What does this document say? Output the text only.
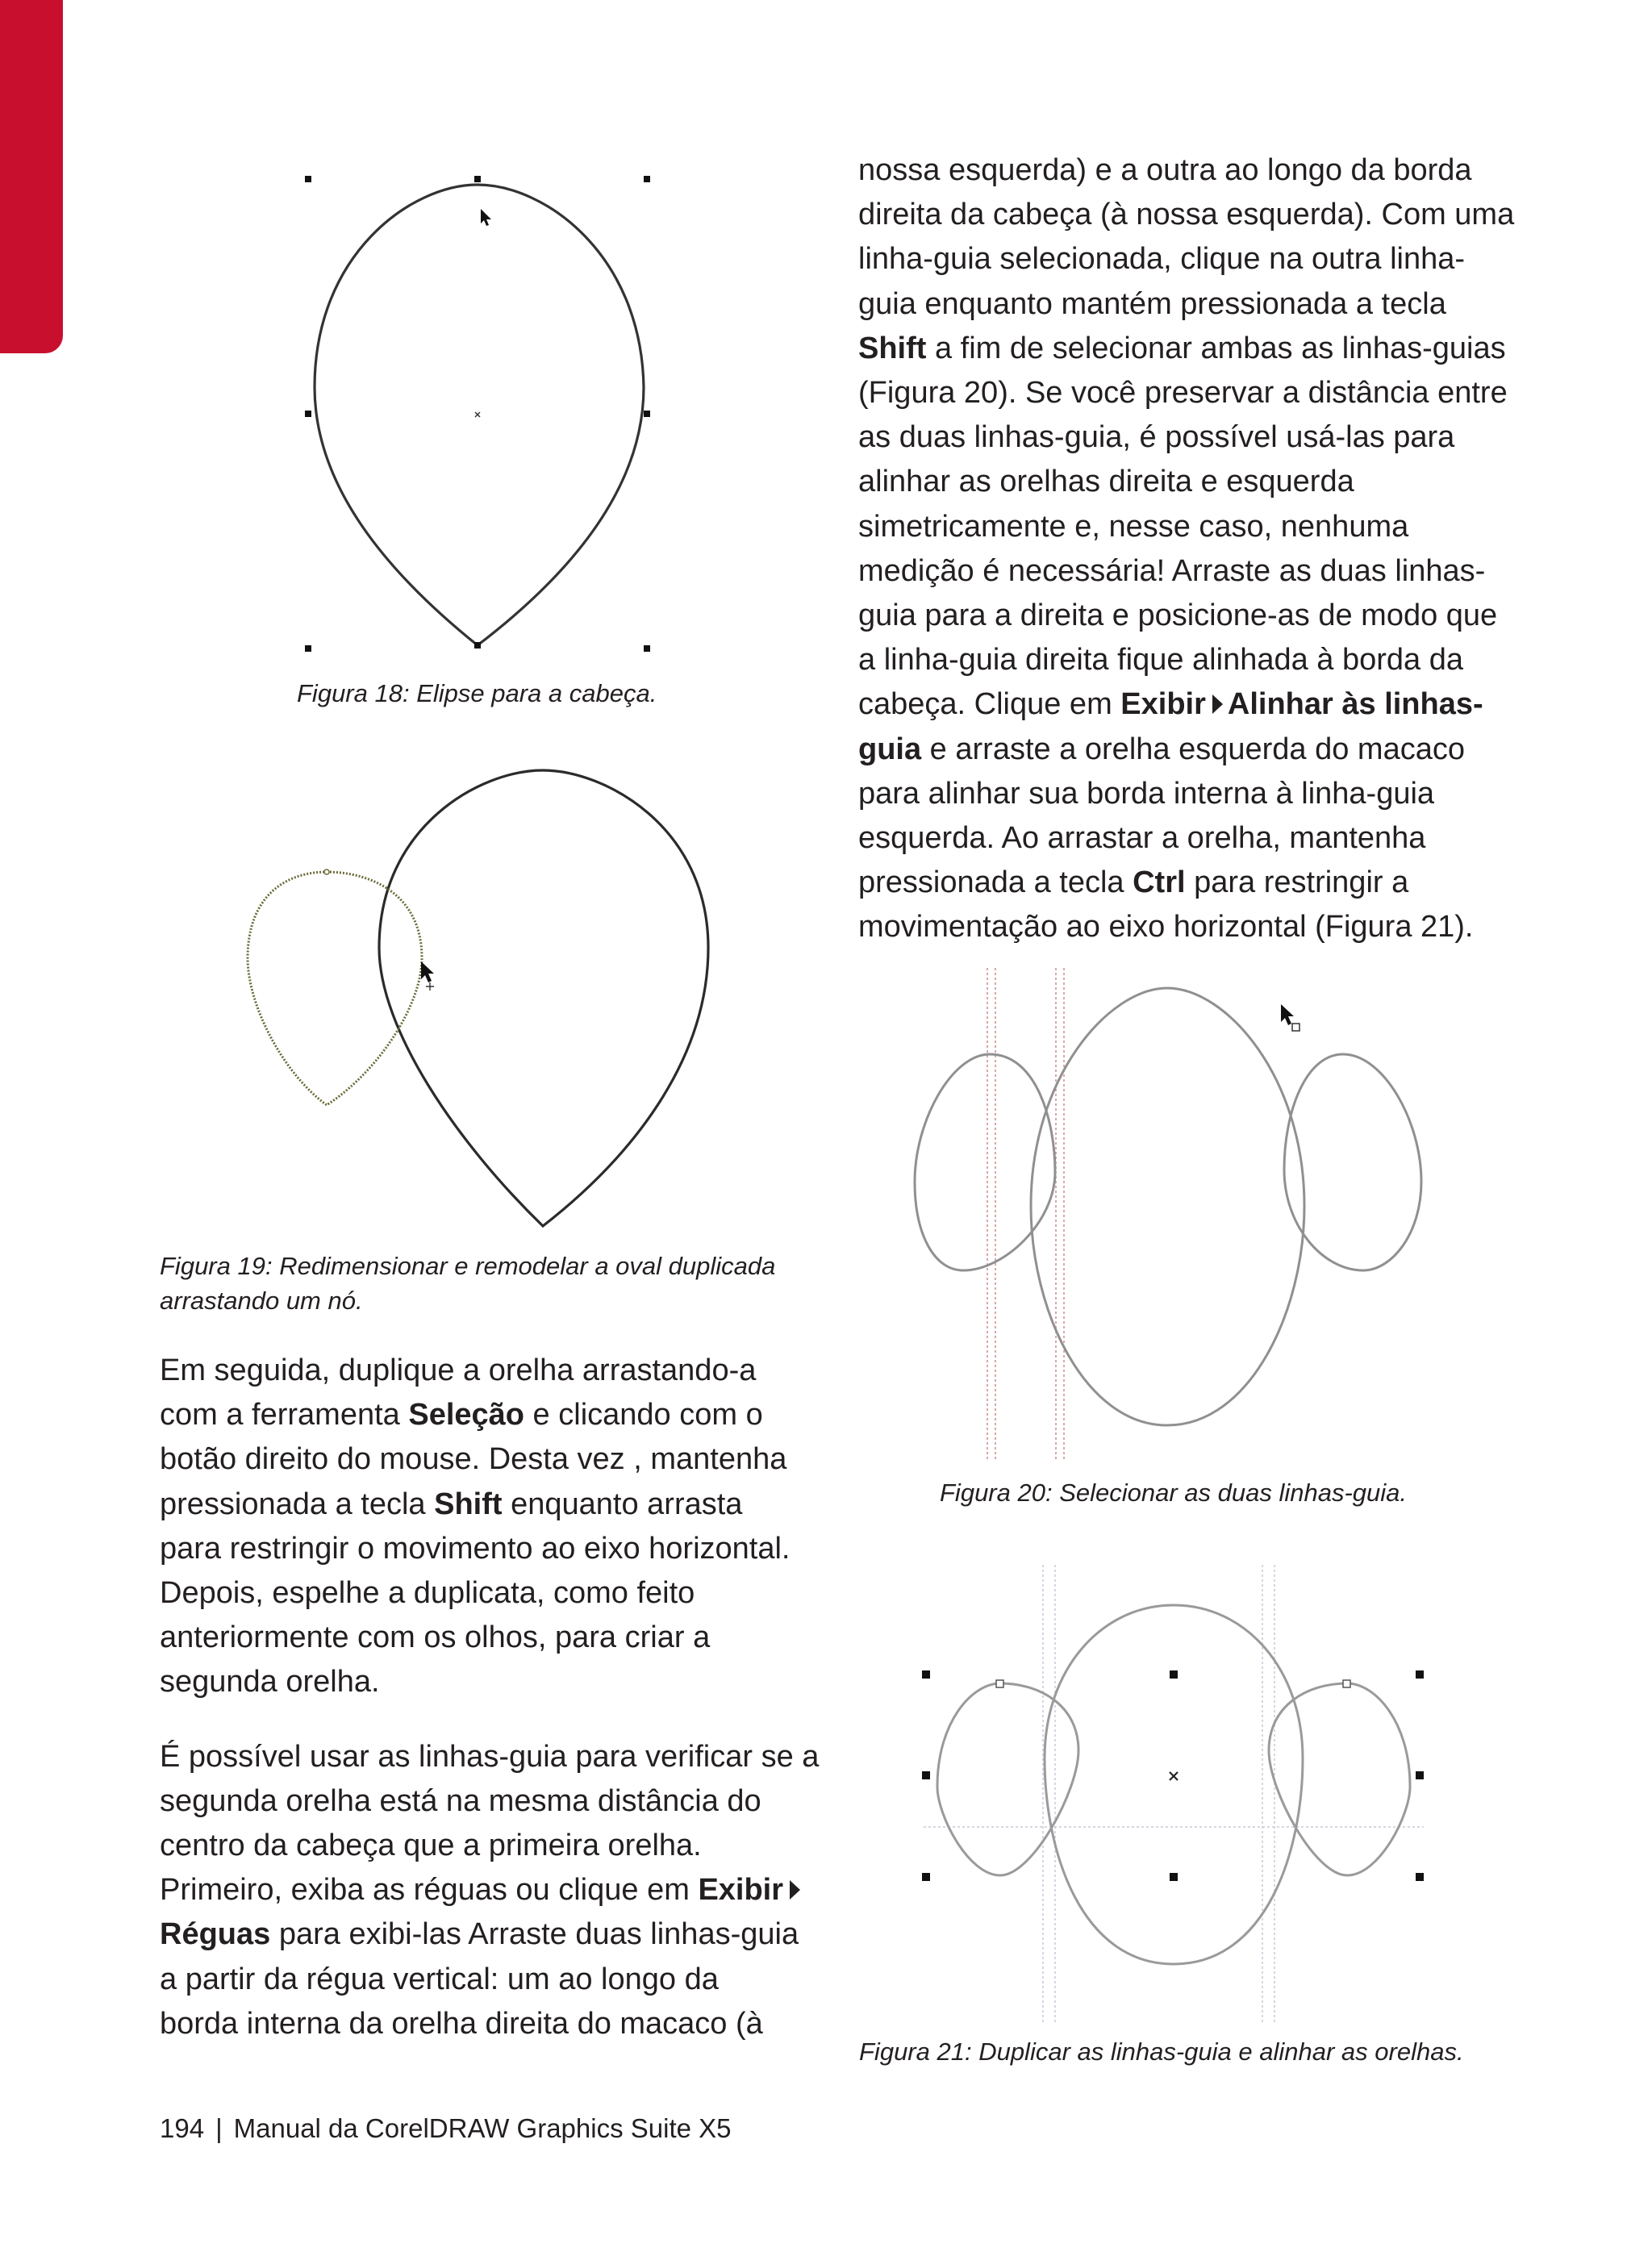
Figura 18: Elipse para a cabeça.
Figura 19: Redimensionar e remodelar a oval duplicada
arrastando um nó.

Em seguida, duplique a orelha arrastando-a
com a ferramenta Seleção e clicando com o
botão direito do mouse. Desta vez , mantenha
pressionada a tecla Shift enquanto arrasta
para restringir o movimento ao eixo horizontal.
Depois, espelhe a duplicata, como feito
anteriormente com os olhos, para criar a
segunda orelha.

É possível usar as linhas-guia para verificar se a
segunda orelha está na mesma distância do
centro da cabeça que a primeira orelha.
Primeiro, exiba as réguas ou clique em Exibir
Réguas para exibi-las Arraste duas linhas-guia
a partir da régua vertical: um ao longo da
borda interna da orelha direita do macaco (à

nossa esquerda) e a outra ao longo da borda
direita da cabeça (à nossa esquerda). Com uma
linha-guia selecionada, clique na outra linha-
guia enquanto mantém pressionada a tecla
Shift a fim de selecionar ambas as linhas-guias
(Figura 20). Se você preservar a distância entre
as duas linhas-guia, é possível usá-las para
alinhar as orelhas direita e esquerda
simetricamente e, nesse caso, nenhuma
medição é necessária! Arraste as duas linhas-
guia para a direita e posicione-as de modo que
a linha-guia direita fique alinhada à borda da
cabeça. Clique em Exibir Alinhar às linhas-
guia e arraste a orelha esquerda do macaco
para alinhar sua borda interna à linha-guia
esquerda. Ao arrastar a orelha, mantenha
pressionada a tecla Ctrl para restringir a
movimentação ao eixo horizontal (Figura 21).

Figura 20: Selecionar as duas linhas-guia.
Figura 21: Duplicar as linhas-guia e alinhar as orelhas.
194 | Manual da CorelDRAW Graphics Suite X5
